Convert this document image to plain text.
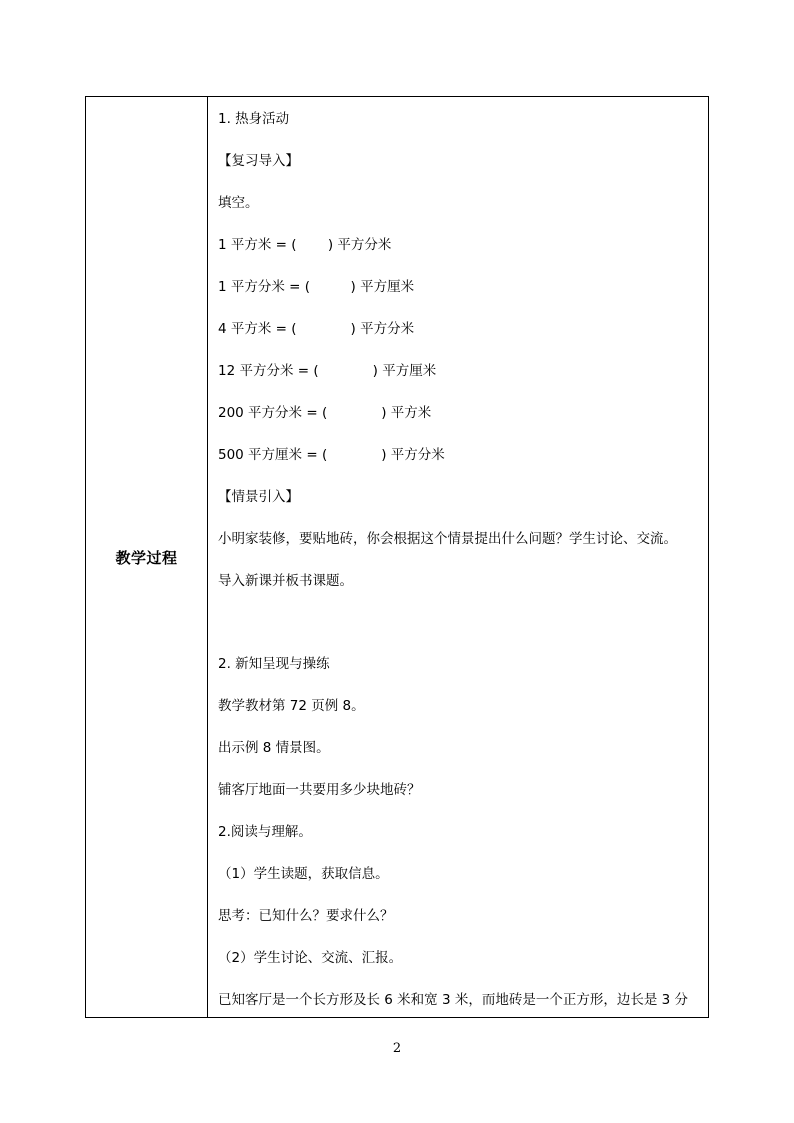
教学过程
1. 热身活动
【复习导入】
填空。
1 平方米 = (　　 ) 平方分米
1 平方分米 = (　　　) 平方厘米
4 平方米 = (　　　　) 平方分米
12 平方分米 = (　　　　) 平方厘米
200 平方分米 = (　　　　) 平方米
500 平方厘米 = (　　　　) 平方分米
【情景引入】
小明家装修，要贴地砖，你会根据这个情景提出什么问题？学生讨论、交流。
导入新课并板书课题。
2. 新知呈现与操练
教学教材第 72 页例 8。
出示例 8 情景图。
铺客厅地面一共要用多少块地砖？
2.阅读与理解。
（1）学生读题，获取信息。
思考：已知什么？要求什么？
（2）学生讨论、交流、汇报。
已知客厅是一个长方形及长 6 米和宽 3 米，而地砖是一个正方形，边长是 3 分
2
